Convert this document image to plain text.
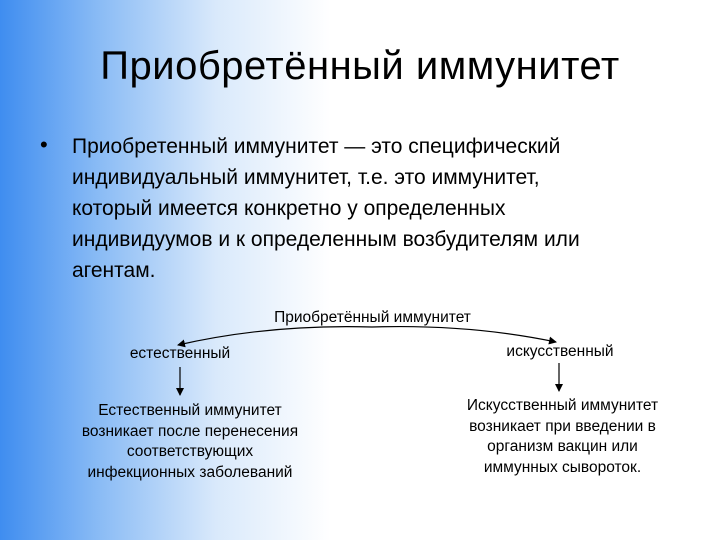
Приобретённый иммунитет
• Приобретенный иммунитет — это специфический
индивидуальный иммунитет, т.е. это иммунитет,
который имеется конкретно у определенных
индивидуумов и к определенным возбудителям или
агентам.

Приобретённый иммунитет
естественный	искусственный
Естественный иммунитет
возникает после перенесения
соответствующих
инфекционных заболеваний
Искусственный иммунитет
возникает при введении в
организм вакцин или
иммунных сывороток.
